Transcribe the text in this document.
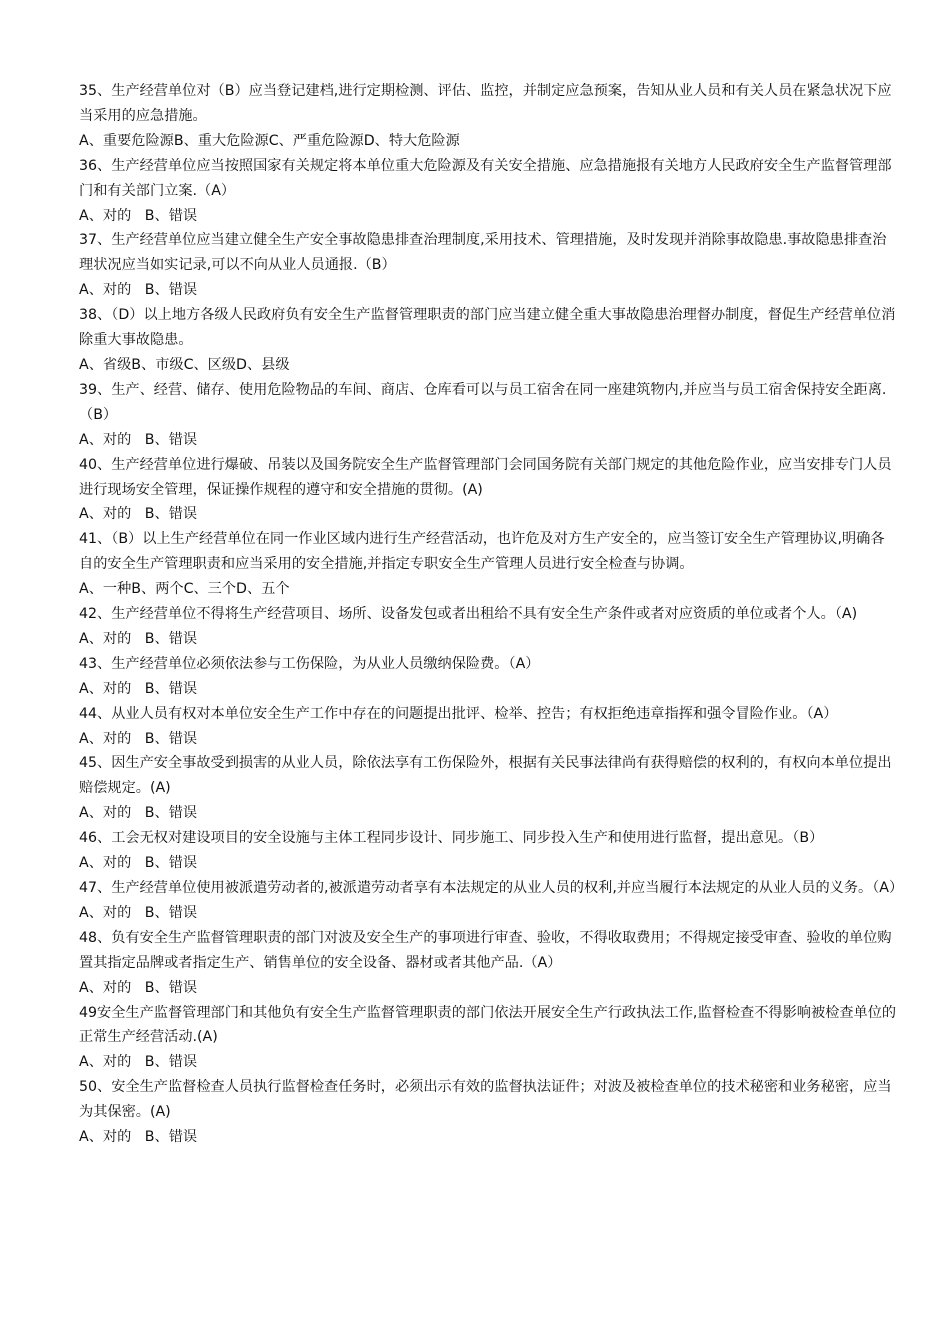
35、生产经营单位对（B）应当登记建档,进行定期检测、评估、监控，并制定应急预案，告知从业人员和有关人员在紧急状况下应当采用的应急措施。

A、重要危险源B、重大危险源C、严重危险源D、特大危险源

36、生产经营单位应当按照国家有关规定将本单位重大危险源及有关安全措施、应急措施报有关地方人民政府安全生产监督管理部门和有关部门立案.（A）

A、对的   B、错误

37、生产经营单位应当建立健全生产安全事故隐患排查治理制度,采用技术、管理措施，及时发现并消除事故隐患.事故隐患排查治理状况应当如实记录,可以不向从业人员通报.（B）

A、对的   B、错误

38、（D）以上地方各级人民政府负有安全生产监督管理职责的部门应当建立健全重大事故隐患治理督办制度，督促生产经营单位消除重大事故隐患。

A、省级B、市级C、区级D、县级

39、生产、经营、储存、使用危险物品的车间、商店、仓库看可以与员工宿舍在同一座建筑物内,并应当与员工宿舍保持安全距离.（B）

A、对的   B、错误

40、生产经营单位进行爆破、吊装以及国务院安全生产监督管理部门会同国务院有关部门规定的其他危险作业，应当安排专门人员进行现场安全管理，保证操作规程的遵守和安全措施的贯彻。(A)

A、对的   B、错误

41、（B）以上生产经营单位在同一作业区域内进行生产经营活动，也许危及对方生产安全的，应当签订安全生产管理协议,明确各自的安全生产管理职责和应当采用的安全措施,并指定专职安全生产管理人员进行安全检查与协调。

A、一种B、两个C、三个D、五个

42、生产经营单位不得将生产经营项目、场所、设备发包或者出租给不具有安全生产条件或者对应资质的单位或者个人。（A)

A、对的   B、错误

43、生产经营单位必须依法参与工伤保险，为从业人员缴纳保险费。（A）

A、对的   B、错误

44、从业人员有权对本单位安全生产工作中存在的问题提出批评、检举、控告；有权拒绝违章指挥和强令冒险作业。（A）

A、对的   B、错误

45、因生产安全事故受到损害的从业人员，除依法享有工伤保险外，根据有关民事法律尚有获得赔偿的权利的，有权向本单位提出赔偿规定。(A)

A、对的   B、错误

46、工会无权对建设项目的安全设施与主体工程同步设计、同步施工、同步投入生产和使用进行监督，提出意见。（B）

A、对的   B、错误

47、生产经营单位使用被派遣劳动者的,被派遣劳动者享有本法规定的从业人员的权利,并应当履行本法规定的从业人员的义务。（A）

A、对的   B、错误

48、负有安全生产监督管理职责的部门对波及安全生产的事项进行审查、验收，不得收取费用；不得规定接受审查、验收的单位购置其指定品牌或者指定生产、销售单位的安全设备、器材或者其他产品.（A）

A、对的   B、错误

49安全生产监督管理部门和其他负有安全生产监督管理职责的部门依法开展安全生产行政执法工作,监督检查不得影响被检查单位的正常生产经营活动.(A)

A、对的   B、错误

50、安全生产监督检查人员执行监督检查任务时，必须出示有效的监督执法证件；对波及被检查单位的技术秘密和业务秘密，应当为其保密。(A)

A、对的   B、错误
